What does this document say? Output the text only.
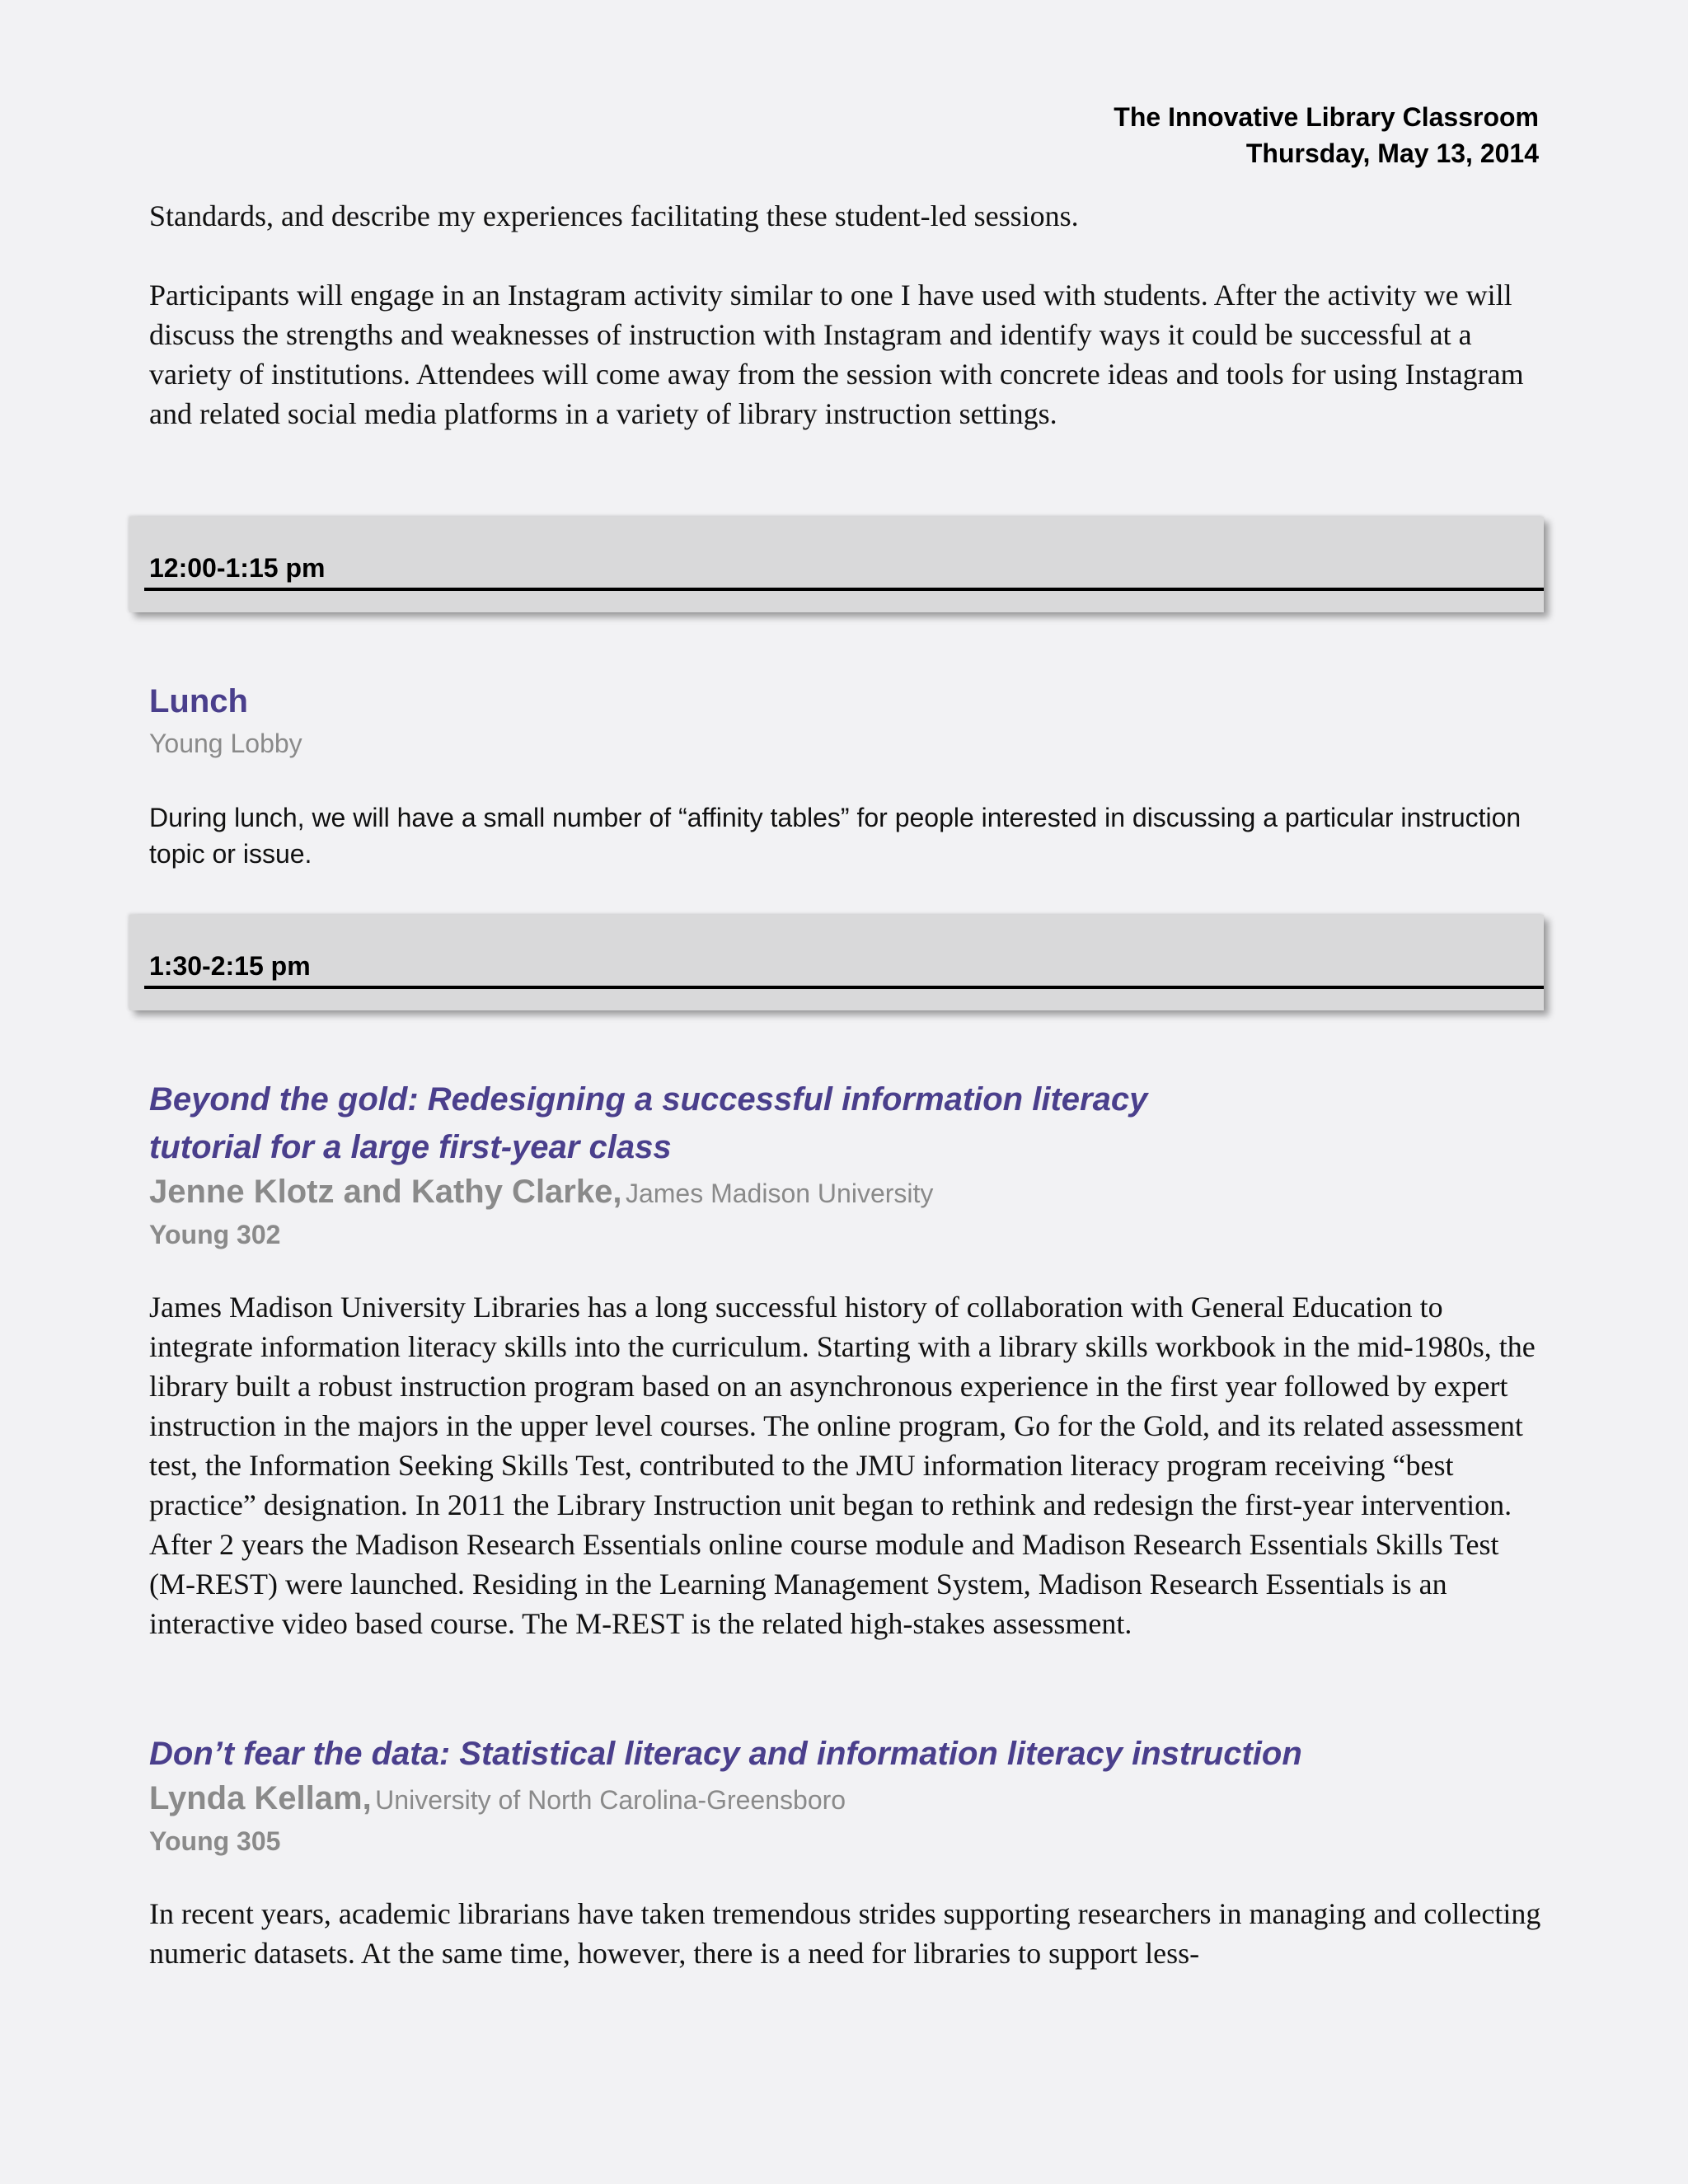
The Innovative Library Classroom
Thursday, May 13, 2014
Standards, and describe my experiences facilitating these student-led sessions.
Participants will engage in an Instagram activity similar to one I have used with students. After the activity we will discuss the strengths and weaknesses of instruction with Instagram and identify ways it could be successful at a variety of institutions. Attendees will come away from the session with concrete ideas and tools for using Instagram and related social media platforms in a variety of library instruction settings.
12:00-1:15 pm
Lunch
Young Lobby
During lunch, we will have a small number of “affinity tables” for people interested in discussing a particular instruction topic or issue.
1:30-2:15 pm
Beyond the gold: Redesigning a successful information literacy
tutorial for a large first-year class
Jenne Klotz and Kathy Clarke, James Madison University
Young 302
James Madison University Libraries has a long successful history of collaboration with General Education to integrate information literacy skills into the curriculum. Starting with a library skills workbook in the mid-1980s, the library built a robust instruction program based on an asynchronous experience in the first year followed by expert instruction in the majors in the upper level courses. The online program, Go for the Gold, and its related assessment test, the Information Seeking Skills Test, contributed to the JMU information literacy program receiving “best practice” designation. In 2011 the Library Instruction unit began to rethink and redesign the first-year intervention. After 2 years the Madison Research Essentials online course module and Madison Research Essentials Skills Test (M-REST) were launched. Residing in the Learning Management System, Madison Research Essentials is an interactive video based course. The M-REST is the related high-stakes assessment.
Don’t fear the data: Statistical literacy and information literacy instruction
Lynda Kellam, University of North Carolina-Greensboro
Young 305
In recent years, academic librarians have taken tremendous strides supporting researchers in managing and collecting numeric datasets. At the same time, however, there is a need for libraries to support less-
